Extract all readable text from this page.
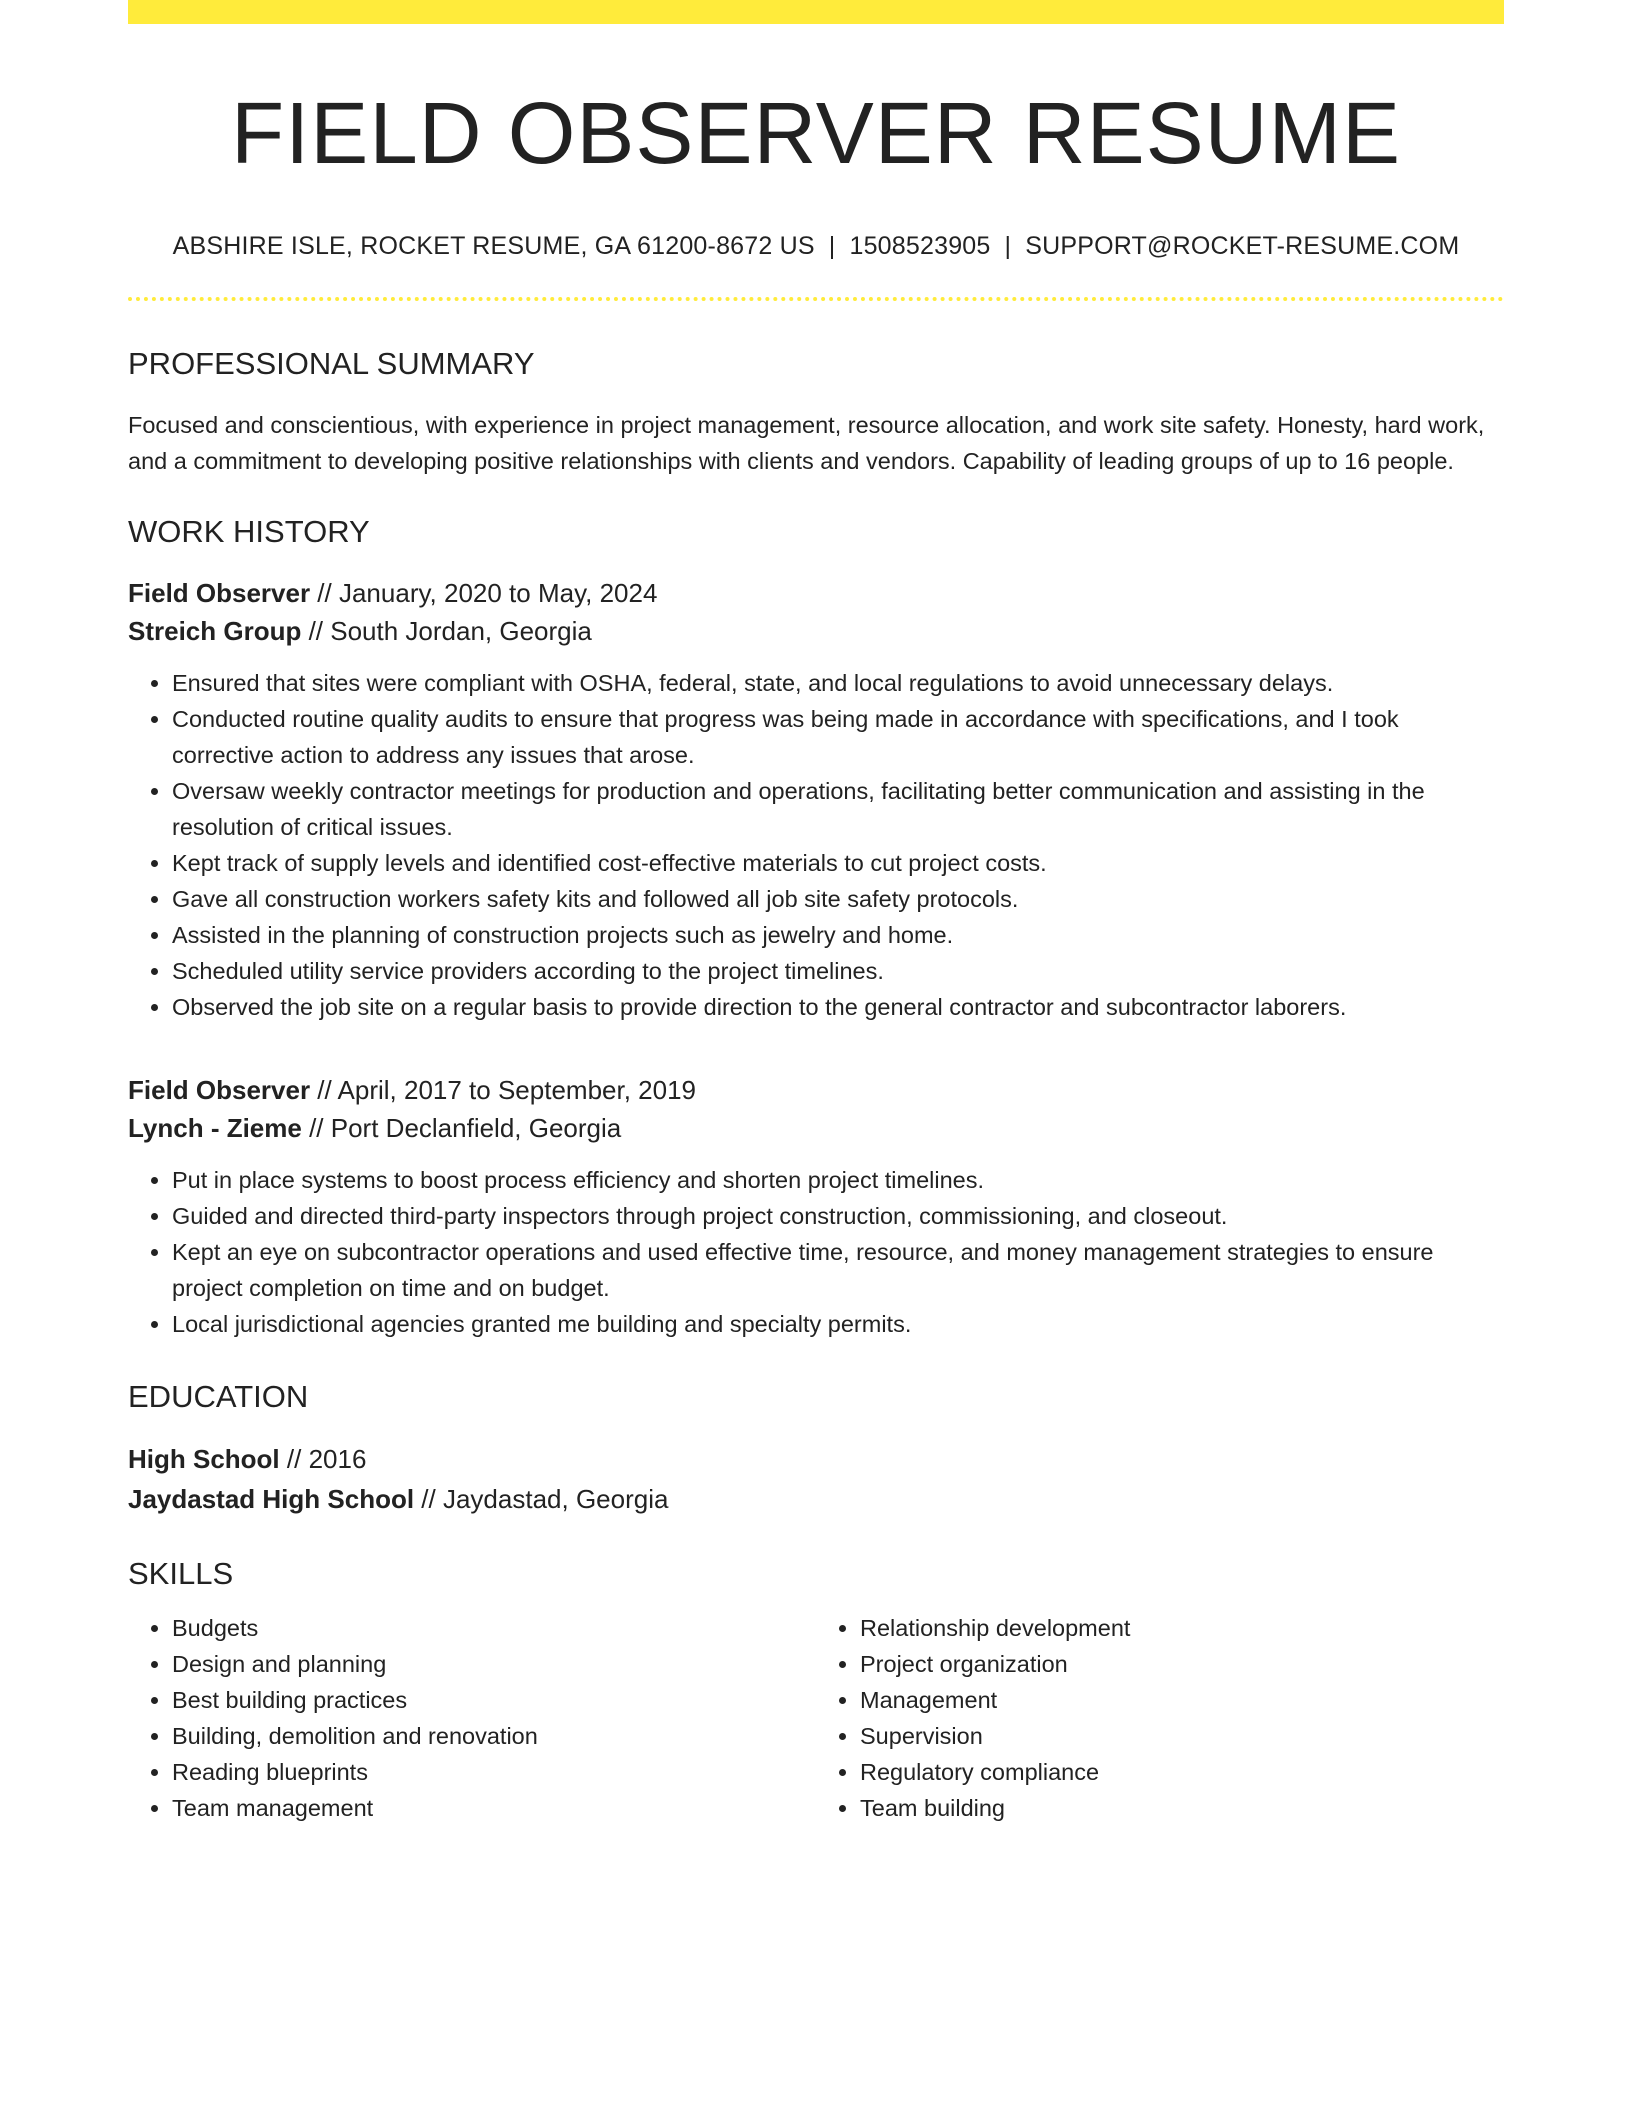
FIELD OBSERVER RESUME
ABSHIRE ISLE, ROCKET RESUME, GA 61200-8672 US | 1508523905 | SUPPORT@ROCKET-RESUME.COM
PROFESSIONAL SUMMARY
Focused and conscientious, with experience in project management, resource allocation, and work site safety. Honesty, hard work, and a commitment to developing positive relationships with clients and vendors. Capability of leading groups of up to 16 people.
WORK HISTORY
Field Observer // January, 2020 to May, 2024
Streich Group // South Jordan, Georgia
• Ensured that sites were compliant with OSHA, federal, state, and local regulations to avoid unnecessary delays.
• Conducted routine quality audits to ensure that progress was being made in accordance with specifications, and I took corrective action to address any issues that arose.
• Oversaw weekly contractor meetings for production and operations, facilitating better communication and assisting in the resolution of critical issues.
• Kept track of supply levels and identified cost-effective materials to cut project costs.
• Gave all construction workers safety kits and followed all job site safety protocols.
• Assisted in the planning of construction projects such as jewelry and home.
• Scheduled utility service providers according to the project timelines.
• Observed the job site on a regular basis to provide direction to the general contractor and subcontractor laborers.
Field Observer // April, 2017 to September, 2019
Lynch - Zieme // Port Declanfield, Georgia
• Put in place systems to boost process efficiency and shorten project timelines.
• Guided and directed third-party inspectors through project construction, commissioning, and closeout.
• Kept an eye on subcontractor operations and used effective time, resource, and money management strategies to ensure project completion on time and on budget.
• Local jurisdictional agencies granted me building and specialty permits.
EDUCATION
High School // 2016
Jaydastad High School // Jaydastad, Georgia
SKILLS
• Budgets
• Design and planning
• Best building practices
• Building, demolition and renovation
• Reading blueprints
• Team management
• Relationship development
• Project organization
• Management
• Supervision
• Regulatory compliance
• Team building
